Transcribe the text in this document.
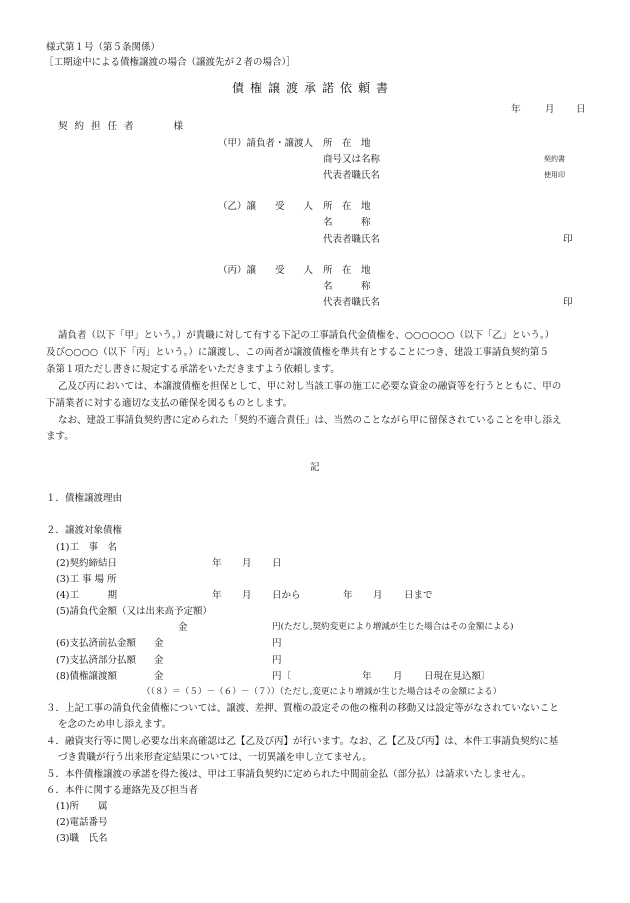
様式第１号（第５条関係）
［工期途中による債権譲渡の場合（譲渡先が２者の場合）］
債権譲渡承諾依頼書
年	月 日
契約担任者　　様
（甲）請負者・譲渡人 所　在　地
商号又は名称
代表者職氏名
契約書
使用印
（乙）譲　　受　　人 所　在　地
名　　　称
代表者職氏名	印
（丙）譲　　受　　人 所　在　地
名　　　称
代表者職氏名	印
請負者（以下「甲」という。）が貴職に対して有する下記の工事請負代金債権を、○○○○○○（以下「乙」という。）
及び○○○○（以下「丙」という。）に譲渡し、この両者が譲渡債権を準共有とすることにつき、建設工事請負契約第５
条第１項ただし書きに規定する承諾をいただきますよう依頼します。
乙及び丙においては、本譲渡債権を担保として、甲に対し当該工事の施工に必要な資金の融資等を行うとともに、甲の
下請業者に対する適切な支払の確保を図るものとします。
なお、建設工事請負契約書に定められた「契約不適合責任」は、当然のことながら甲に留保されていることを申し添え
ます。
記
１．債権譲渡理由
２．譲渡対象債権
(1)工　事　名
(2)契約締結日	年 月 日
(3)工 事 場 所
(4)工　　　期	年 月 日から	年 月 日まで
(5)請負代金額（又は出来高予定額）
金	円(ただし,契約変更により増減が生じた場合はその金額による)
(6)支払済前払金額 金	円
(7)支払済部分払額 金	円
(8)債権譲渡額	金	円〔	年 月 日現在見込額〕
（（８）＝（５）－（６）－（７））（ただし,変更により増減が生じた場合はその金額による）
３．上記工事の請負代金債権については、譲渡、差押、質権の設定その他の権利の移動又は設定等がなされていないこと
を念のため申し添えます。
４．融資実行等に関し必要な出来高確認は乙【乙及び丙】が行います。なお、乙【乙及び丙】は、本件工事請負契約に基
づき貴職が行う出来形査定結果については、一切異議を申し立てません。
５．本件債権譲渡の承諾を得た後は、甲は工事請負契約に定められた中間前金払（部分払）は請求いたしません。
６．本件に関する連絡先及び担当者
(1)所　　属
(2)電話番号
(3)職　氏名
